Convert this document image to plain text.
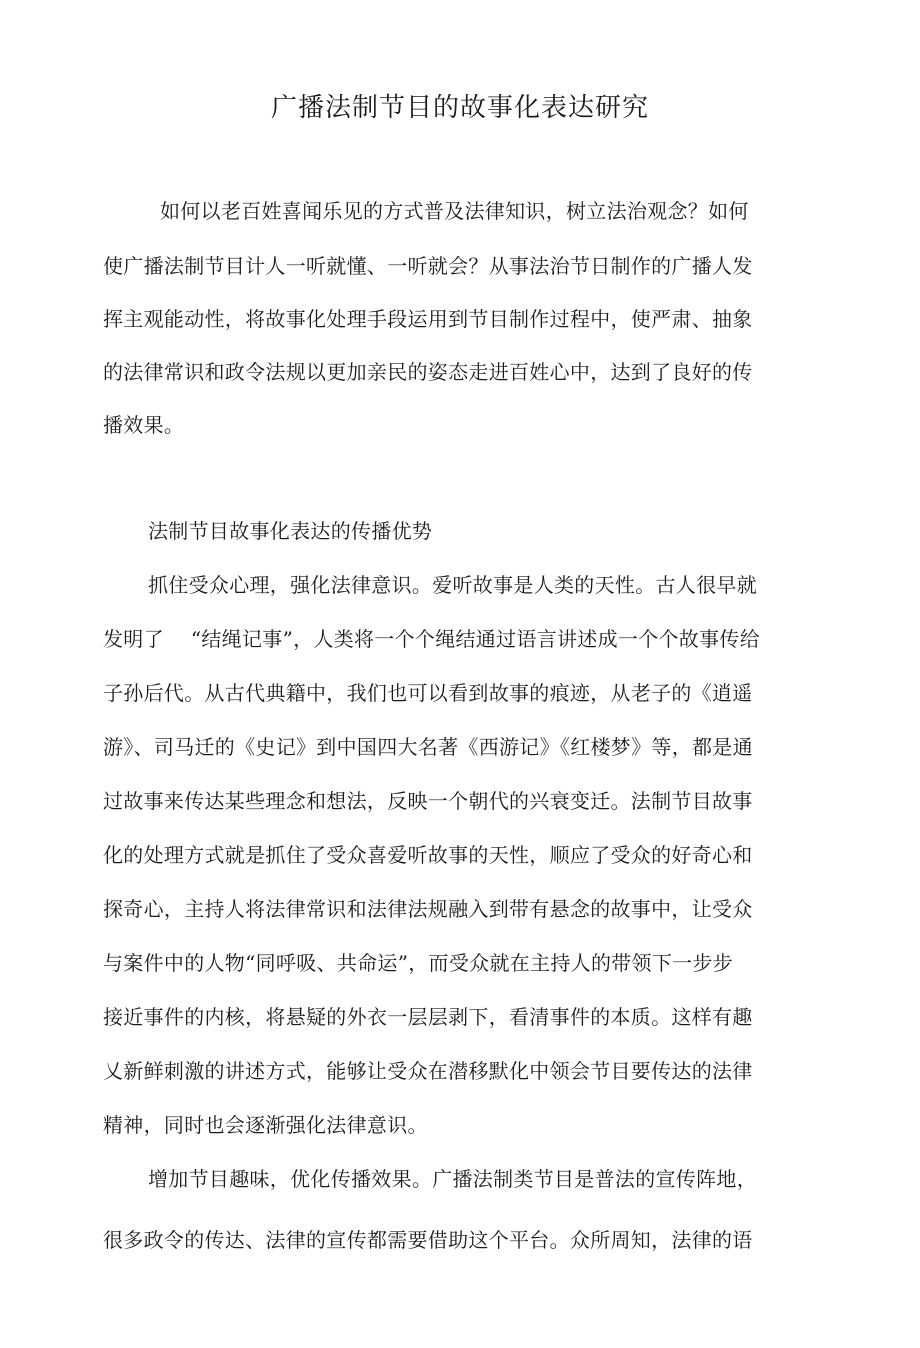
广播法制节目的故事化表达研究
如何以老百姓喜闻乐见的方式普及法律知识，树立法治观念？如何
使广播法制节目计人一听就懂、一听就会？从事法治节日制作的广播人发
挥主观能动性，将故事化处理手段运用到节目制作过程中，使严肃、抽象
的法律常识和政令法规以更加亲民的姿态走进百姓心中，达到了良好的传
播效果。
法制节目故事化表达的传播优势
抓住受众心理，强化法律意识。爱听故事是人类的天性。古人很早就
发明了　 “结绳记事”，人类将一个个绳结通过语言讲述成一个个故事传给
子孙后代。从古代典籍中，我们也可以看到故事的痕迹，从老子的《逍遥
游》、司马迁的《史记》到中国四大名著《西游记》《红楼梦》等，都是通
过故事来传达某些理念和想法，反映一个朝代的兴衰变迁。法制节目故事
化的处理方式就是抓住了受众喜爱听故事的天性，顺应了受众的好奇心和
探奇心，主持人将法律常识和法律法规融入到带有悬念的故事中，让受众
与案件中的人物“同呼吸、共命运”，而受众就在主持人的带领下一步步
接近事件的内核，将悬疑的外衣一层层剥下，看清事件的本质。这样有趣
乂新鲜刺激的讲述方式，能够让受众在潜移默化中领会节目要传达的法律
精神，同时也会逐渐强化法律意识。
增加节目趣味，优化传播效果。广播法制类节目是普法的宣传阵地，
很多政令的传达、法律的宣传都需要借助这个平台。众所周知，法律的语
